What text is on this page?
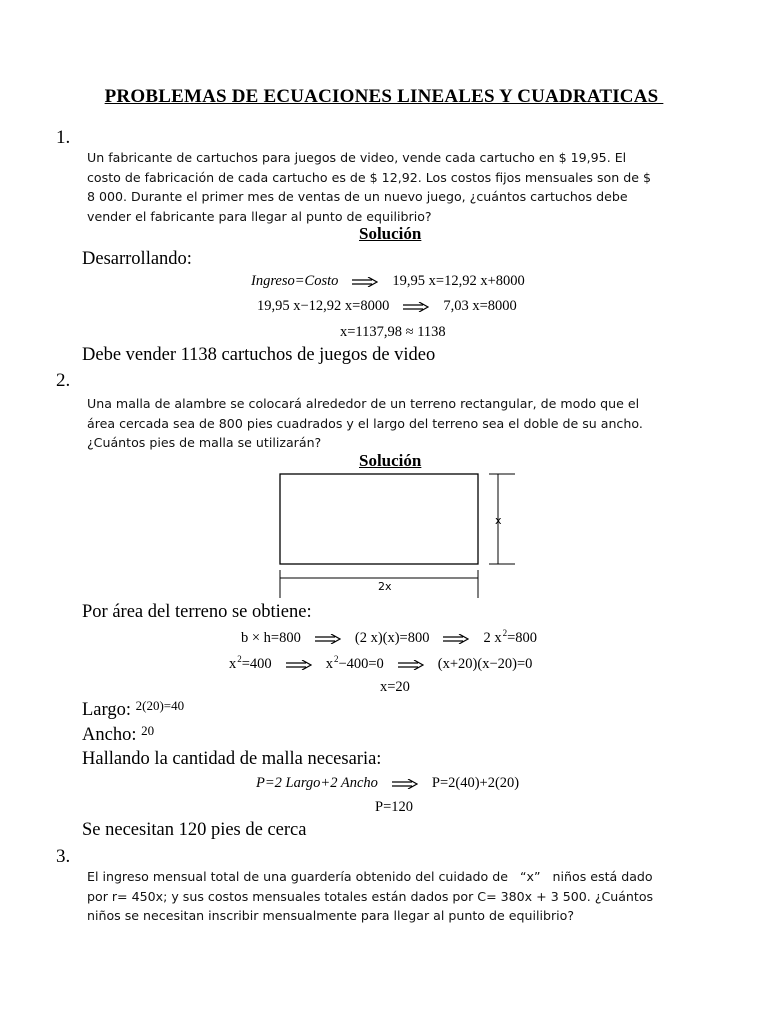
PROBLEMAS DE ECUACIONES LINEALES Y CUADRATICAS
1.
Un fabricante de cartuchos para juegos de video, vende cada cartucho en $ 19,95. El costo de fabricación de cada cartucho es de $ 12,92. Los costos fijos mensuales son de $ 8 000. Durante el primer mes de ventas de un nuevo juego, ¿cuántos cartuchos debe vender el fabricante para llegar al punto de equilibrio?
Solución
Desarrollando:
Ingreso=Costo	19,95 x=12,92 x+8000
19,95 x−12,92 x=8000	7,03 x=8000
x=1137,98 ≈ 1138
Debe vender 1138 cartuchos de juegos de video
2.
Una malla de alambre se colocará alrededor de un terreno rectangular, de modo que el área cercada sea de 800 pies cuadrados y el largo del terreno sea el doble de su ancho. ¿Cuántos pies de malla se utilizarán?
Solución
x
2x
Por área del terreno se obtiene:
b × h=800	(2 x)(x)=800	2 $x^2=800$
$x^2=400$	$x^2-400=0$	(x+20)(x−20)=0
x=20
Largo: $^{2(20)=40}$
Ancho: $^{20}$
Hallando la cantidad de malla necesaria:
P=2 Largo+2 Ancho	P=2(40)+2(20)
P=120
Se necesitan 120 pies de cerca
3.
El ingreso mensual total de una guardería obtenido del cuidado de   “x”   niños está dado por r= 450x; y sus costos mensuales totales están dados por C= 380x + 3 500. ¿Cuántos niños se necesitan inscribir mensualmente para llegar al punto de equilibrio?
